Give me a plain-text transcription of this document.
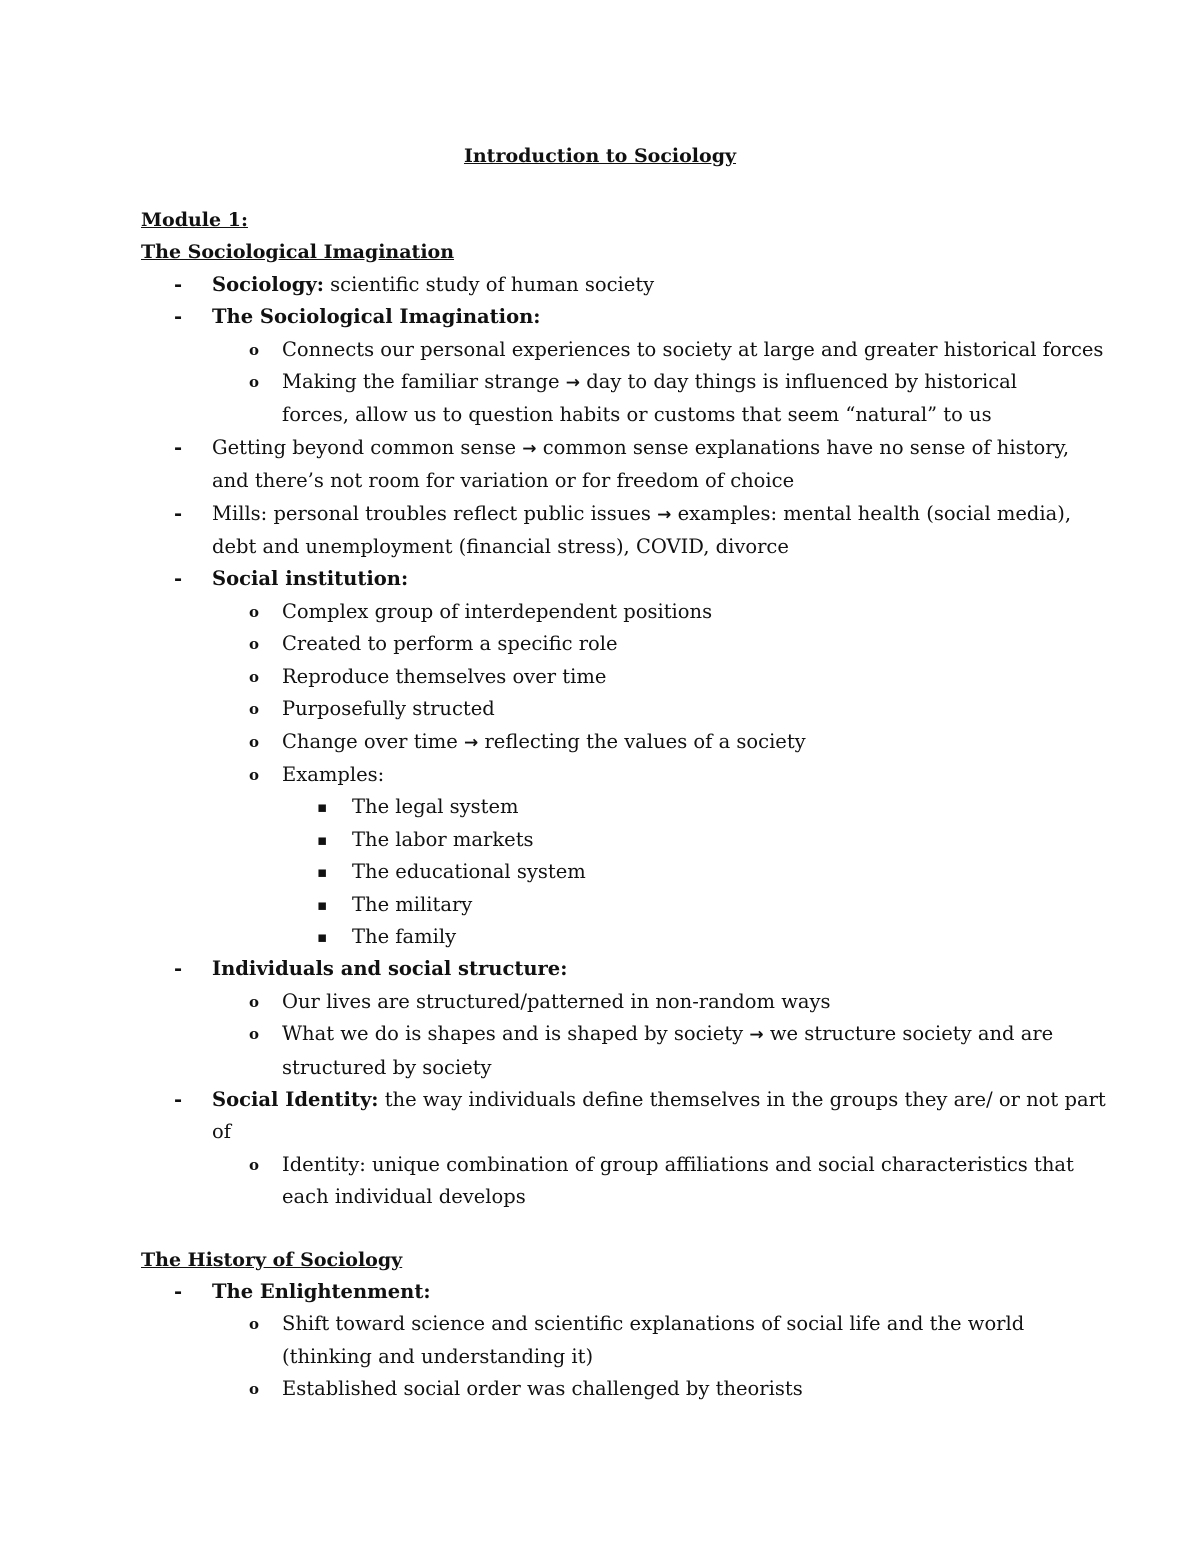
Introduction to Sociology
Module 1:
The Sociological Imagination
- Sociology: scientific study of human society
- The Sociological Imagination:
o Connects our personal experiences to society at large and greater historical forces
o Making the familiar strange → day to day things is influenced by historical
forces, allow us to question habits or customs that seem “natural” to us
- Getting beyond common sense → common sense explanations have no sense of history,
and there’s not room for variation or for freedom of choice
- Mills: personal troubles reflect public issues → examples: mental health (social media),
debt and unemployment (financial stress), COVID, divorce
- Social institution:
o Complex group of interdependent positions
o Created to perform a specific role
o Reproduce themselves over time
o Purposefully structed
o Change over time → reflecting the values of a society
o Examples:
▪ The legal system
▪ The labor markets
▪ The educational system
▪ The military
▪ The family
- Individuals and social structure:
o Our lives are structured/patterned in non-random ways
o What we do is shapes and is shaped by society → we structure society and are
structured by society
- Social Identity: the way individuals define themselves in the groups they are/ or not part
of
o Identity: unique combination of group affiliations and social characteristics that
each individual develops
The History of Sociology
- The Enlightenment:
o Shift toward science and scientific explanations of social life and the world
(thinking and understanding it)
o Established social order was challenged by theorists
